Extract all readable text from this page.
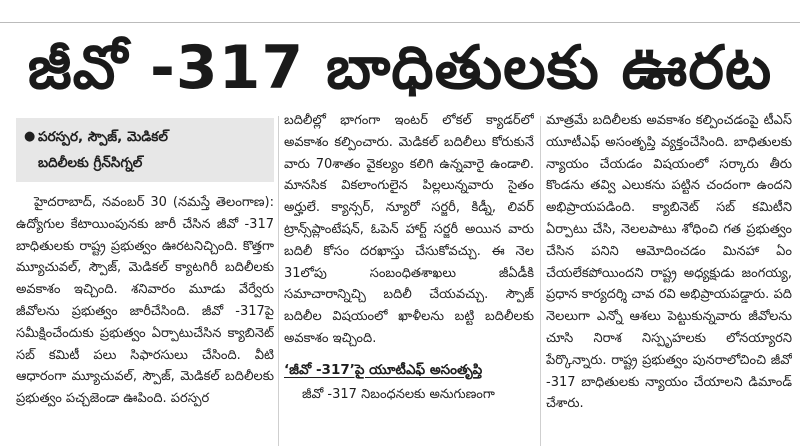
జీవో -317 బాధితులకు ఊరట
● పరస్పర, స్పౌజ్, మెడికల్
బదిలీలకు గ్రీన్‌సిగ్నల్

హైదరాబాద్, నవంబర్ 30 (నమస్తే తెలంగాణ): ఉద్యోగుల కేటాయింపునకు జారీ చేసిన జీవో -317 బాధితులకు రాష్ట్ర ప్రభుత్వం ఊరటనిచ్చింది. కొత్తగా మ్యూచువల్, స్పౌజ్, మెడికల్ క్యాటగిరీ బదిలీలకు అవకాశం ఇచ్చింది. శనివారం మూడు వేర్వేరు జీవోలను ప్రభుత్వం జారీచేసింది. జీవో -317పై సమీక్షించేందుకు ప్రభుత్వం ఏర్పాటుచేసిన క్యాబినెట్ సబ్ కమిటీ పలు సిఫారసులు చేసింది. వీటి ఆధారంగా మ్యూచువల్, స్పౌజ్, మెడికల్ బదిలీలకు ప్రభుత్వం పచ్చజెండా ఊపింది. పరస్పర

బదిలీల్లో భాగంగా ఇంటర్ లోకల్ క్యాడర్‌లో అవకాశం కల్పించారు. మెడికల్ బదిలీలు కోరుకునే వారు 70శాతం వైకల్యం కలిగి ఉన్నవారై ఉండాలి. మానసిక వికలాంగులైన పిల్లలున్నవారు సైతం అర్హులే. క్యాన్సర్, న్యూరో సర్జరీ, కిడ్నీ, లివర్ ట్రాన్స్‌ప్లాంటేషన్, ఓపెన్ హార్ట్ సర్జరీ అయిన వారు బదిలీ కోసం దరఖాస్తు చేసుకోవచ్చు. ఈ నెల 31లోపు సంబంధితశాఖలు జీఏడీకి సమాచారాన్నిచ్చి బదిలీ చేయవచ్చు. స్పౌజ్ బదిలీల విషయంలో ఖాళీలను బట్టి బదిలీలకు అవకాశం ఇచ్చింది.

‘జీవో -317’పై యూటీఎఫ్ అసంతృప్తి

జీవో -317 నిబంధనలకు అనుగుణంగా

మాత్రమే బదిలీలకు అవకాశం కల్పించడంపై టీఎస్ యూటీఎఫ్ అసంతృప్తి వ్యక్తంచేసింది. బాధితులకు న్యాయం చేయడం విషయంలో సర్కారు తీరు కొండను తవ్వి ఎలుకను పట్టిన చందంగా ఉందని అభిప్రాయపడింది. క్యాబినెట్ సబ్ కమిటీని ఏర్పాటు చేసి, నెలలపాటు శోధించి గత ప్రభుత్వం చేసిన పనిని ఆమోదించడం మినహా ఏం చేయలేకపోయిందని రాష్ట్ర అధ్యక్షుడు జంగయ్య, ప్రధాన కార్యదర్శి చావ రవి అభిప్రాయపడ్డారు. పది నెలలుగా ఎన్నో ఆశలు పెట్టుకున్నవారు జీవోలను చూసి నిరాశ నిస్పృహలకు లోనయ్యారని పేర్కొన్నారు. రాష్ట్ర ప్రభుత్వం పునరాలోచించి జీవో -317 బాధితులకు న్యాయం చేయాలని డిమాండ్ చేశారు.
